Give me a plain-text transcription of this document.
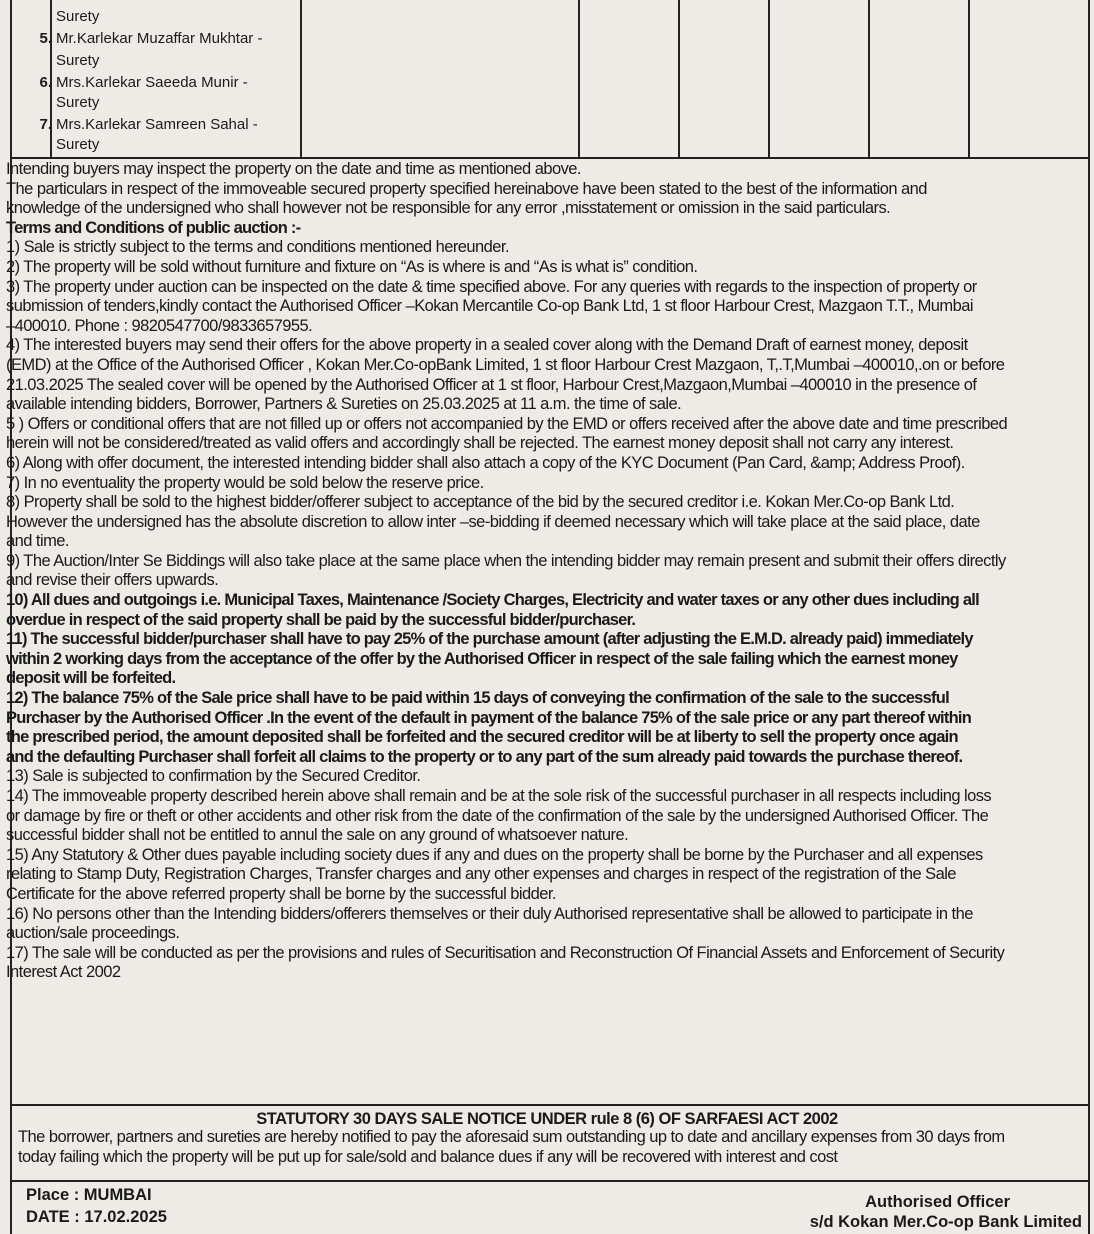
Surety
5. Mr.Karlekar Muzaffar Mukhtar -
Surety
6. Mrs.Karlekar Saeeda Munir -
Surety
7. Mrs.Karlekar Samreen Sahal -
Surety
Intending buyers may inspect the property on the date and time as mentioned above.
The particulars in respect of the immoveable secured property specified hereinabove have been stated to the best of the information and
knowledge of the undersigned who shall however not be responsible for any error ,misstatement or omission in the said particulars.
Terms and Conditions of public auction :-
1) Sale is strictly subject to the terms and conditions mentioned hereunder.
2) The property will be sold without furniture and fixture on “As is where is and “As is what is” condition.
3) The property under auction can be inspected on the date & time specified above. For any queries with regards to the inspection of property or
submission of tenders,kindly contact the Authorised Officer –Kokan Mercantile Co-op Bank Ltd, 1 st floor Harbour Crest, Mazgaon T.T., Mumbai
–400010. Phone : 9820547700/9833657955.
4) The interested buyers may send their offers for the above property in a sealed cover along with the Demand Draft of earnest money, deposit
(EMD) at the Office of the Authorised Officer , Kokan Mer.Co-opBank Limited, 1 st floor Harbour Crest Mazgaon, T,.T,Mumbai –400010,.on or before
21.03.2025 The sealed cover will be opened by the Authorised Officer at 1 st floor, Harbour Crest,Mazgaon,Mumbai –400010 in the presence of
available intending bidders, Borrower, Partners & Sureties on 25.03.2025 at 11 a.m. the time of sale.
5 ) Offers or conditional offers that are not filled up or offers not accompanied by the EMD or offers received after the above date and time prescribed
herein will not be considered/treated as valid offers and accordingly shall be rejected. The earnest money deposit shall not carry any interest.
6) Along with offer document, the interested intending bidder shall also attach a copy of the KYC Document (Pan Card, &amp; Address Proof).
7) In no eventuality the property would be sold below the reserve price.
8) Property shall be sold to the highest bidder/offerer subject to acceptance of the bid by the secured creditor i.e. Kokan Mer.Co-op Bank Ltd.
However the undersigned has the absolute discretion to allow inter –se-bidding if deemed necessary which will take place at the said place, date
and time.
9) The Auction/Inter Se Biddings will also take place at the same place when the intending bidder may remain present and submit their offers directly
and revise their offers upwards.
10) All dues and outgoings i.e. Municipal Taxes, Maintenance /Society Charges, Electricity and water taxes or any other dues including all
overdue in respect of the said property shall be paid by the successful bidder/purchaser.
11) The successful bidder/purchaser shall have to pay 25% of the purchase amount (after adjusting the E.M.D. already paid) immediately
within 2 working days from the acceptance of the offer by the Authorised Officer in respect of the sale failing which the earnest money
deposit will be forfeited.
12) The balance 75% of the Sale price shall have to be paid within 15 days of conveying the confirmation of the sale to the successful
Purchaser by the Authorised Officer .In the event of the default in payment of the balance 75% of the sale price or any part thereof within
the prescribed period, the amount deposited shall be forfeited and the secured creditor will be at liberty to sell the property once again
and the defaulting Purchaser shall forfeit all claims to the property or to any part of the sum already paid towards the purchase thereof.
13) Sale is subjected to confirmation by the Secured Creditor.
14) The immoveable property described herein above shall remain and be at the sole risk of the successful purchaser in all respects including loss
or damage by fire or theft or other accidents and other risk from the date of the confirmation of the sale by the undersigned Authorised Officer. The
successful bidder shall not be entitled to annul the sale on any ground of whatsoever nature.
15) Any Statutory & Other dues payable including society dues if any and dues on the property shall be borne by the Purchaser and all expenses
relating to Stamp Duty, Registration Charges, Transfer charges and any other expenses and charges in respect of the registration of the Sale
Certificate for the above referred property shall be borne by the successful bidder.
16) No persons other than the Intending bidders/offerers themselves or their duly Authorised representative shall be allowed to participate in the
auction/sale proceedings.
17) The sale will be conducted as per the provisions and rules of Securitisation and Reconstruction Of Financial Assets and Enforcement of Security
Interest Act 2002
STATUTORY 30 DAYS SALE NOTICE UNDER rule 8 (6) OF SARFAESI ACT 2002
The borrower, partners and sureties are hereby notified to pay the aforesaid sum outstanding up to date and ancillary expenses from 30 days from
today failing which the property will be put up for sale/sold and balance dues if any will be recovered with interest and cost
Place : MUMBAI
DATE : 17.02.2025
Authorised Officer
s/d Kokan Mer.Co-op Bank Limited
